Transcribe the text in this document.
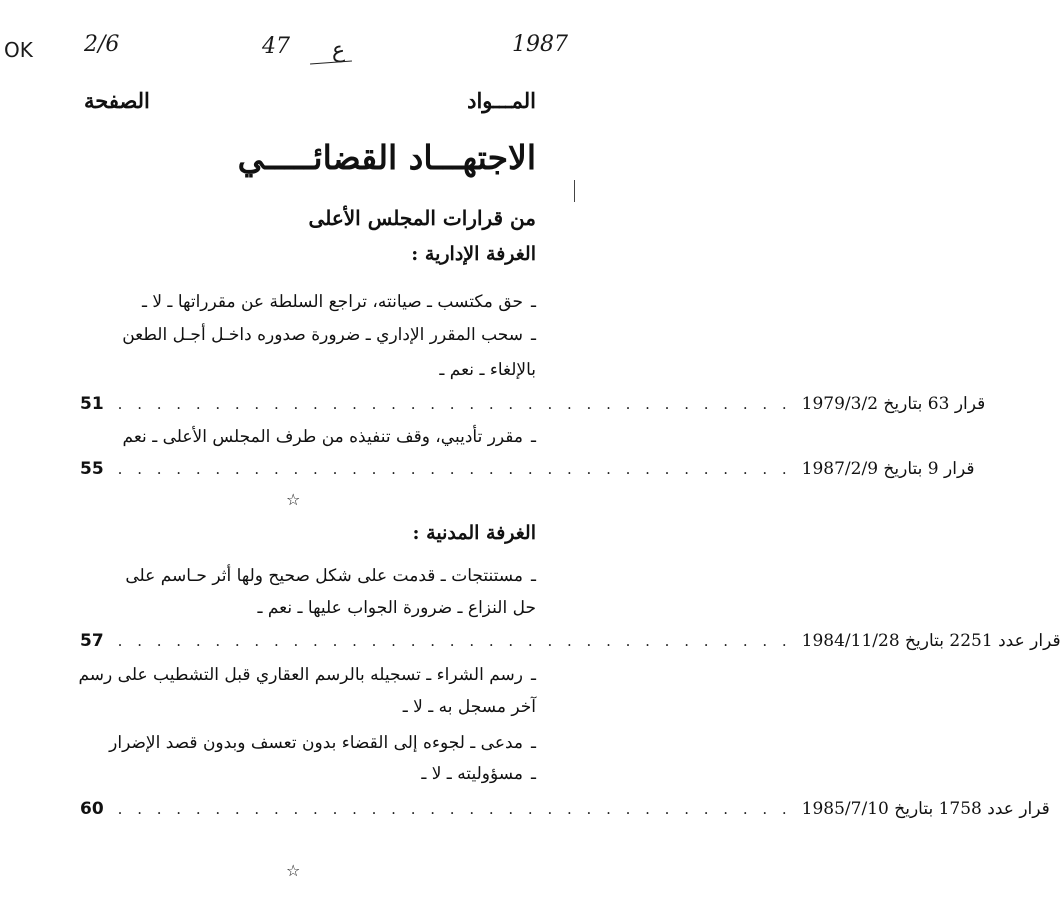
OK 2/6	47 ع	1987
المـــواد
الصفحة
الاجتهـــاد القضائـــــي
من قرارات المجلس الأعلى
الغرفة الإدارية :
ـحق مكتسب ـ صيانته، تراجع السلطة عن مقرراتها ـ لا ـ
ـسحب المقرر الإداري ـ ضرورة صدوره داخـل أجـل الطعن
بالإلغاء ـ نعم ـ
51 . . . . . . . . . . . . . . . . . . . . . . . . . . . . . . . . . . . قرار 63 بتاريخ 1979/3/2
ـمقرر تأديبي، وقف تنفيذه من طرف المجلس الأعلى ـ نعم
55 . . . . . . . . . . . . . . . . . . . . . . . . . . . . . . . . . . . قرار 9 بتاريخ 1987/2/9
☆
الغرفة المدنية :
ـمستنتجات ـ قدمت على شكل صحيح ولها أثر حـاسم على
حل النزاع ـ ضرورة الجواب عليها ـ نعم ـ
57 . . . . . . . . . . . . . . . . . . . . . . . . . . . . . . . . . . . قرار عدد 2251 بتاريخ 1984/11/28
ـرسم الشراء ـ تسجيله بالرسم العقاري قبل التشطيب على رسم
آخر مسجل به ـ لا ـ
ـمدعى ـ لجوءه إلى القضاء بدون تعسف وبدون قصد الإضرار
ـمسؤوليته ـ لا ـ
60 . . . . . . . . . . . . . . . . . . . . . . . . . . . . . . . . . . . قرار عدد 1758 بتاريخ 1985/7/10
☆
